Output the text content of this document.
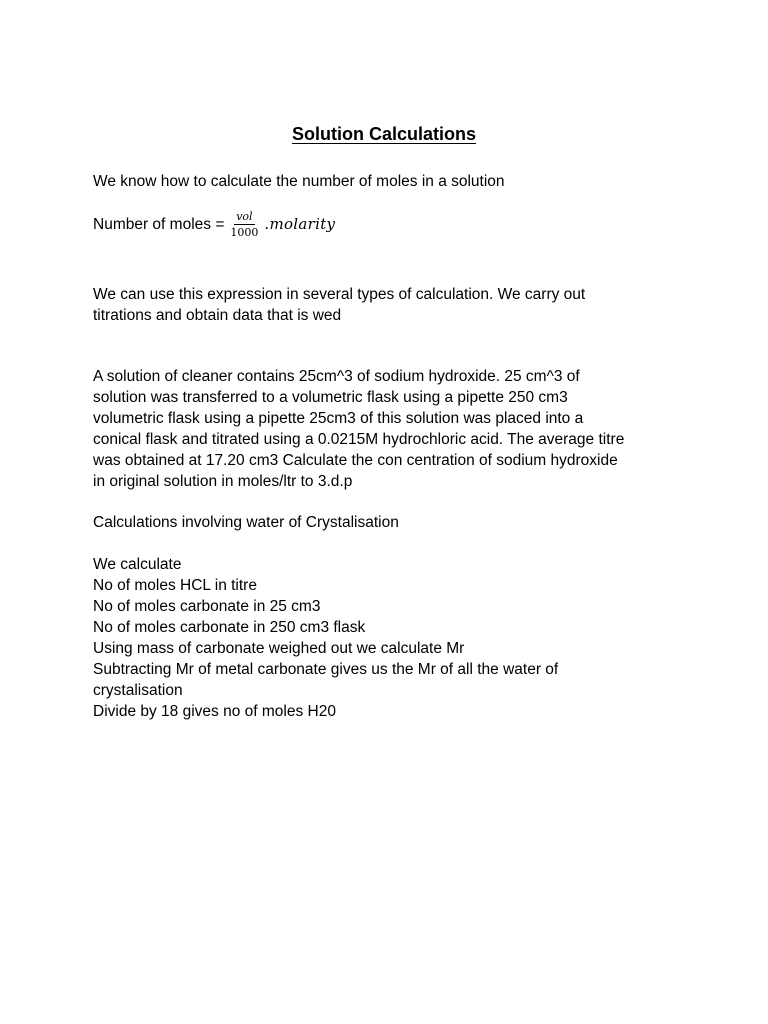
Solution Calculations
We know how to calculate the number of moles in a solution
Number of moles = $\frac{\text{vol}}{1000}$ .molarity
We can use this expression in several types of calculation. We carry out
titrations and obtain data that is wed
A solution of cleaner contains 25cm^3 of sodium hydroxide. 25 cm^3 of
solution was transferred to a volumetric flask using a pipette 250 cm3
volumetric flask using a pipette 25cm3 of this solution was placed into a
conical flask and titrated using a 0.0215M hydrochloric acid. The average titre
was obtained at 17.20 cm3 Calculate the con centration of sodium hydroxide
in original solution in moles/ltr to 3.d.p
Calculations involving water of Crystalisation
We calculate
No of moles HCL in titre
No of moles carbonate in 25 cm3
No of moles carbonate in 250 cm3 flask
Using mass of carbonate weighed out we calculate Mr
Subtracting Mr of metal carbonate gives us the Mr of all the water of
crystalisation
Divide by 18 gives no of moles H20
